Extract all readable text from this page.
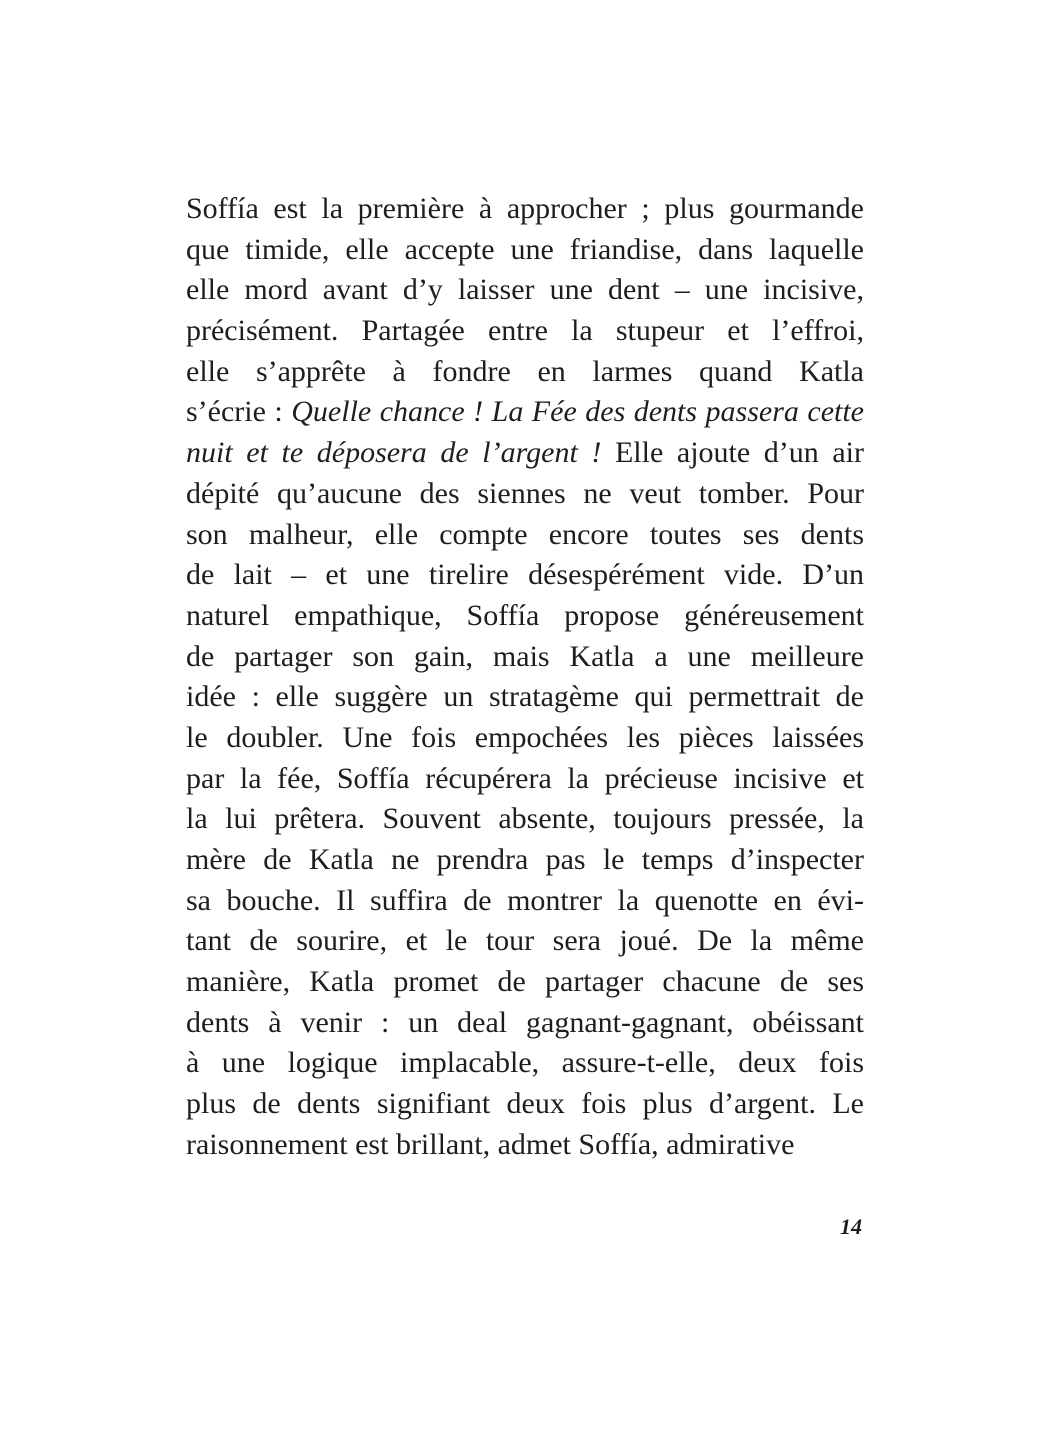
Soffía est la première à approcher ; plus gourmande
que timide, elle accepte une friandise, dans laquelle
elle mord avant d’y laisser une dent – une incisive,
précisément. Partagée entre la stupeur et l’effroi,
elle s’apprête à fondre en larmes quand Katla
s’écrie : Quelle chance ! La Fée des dents passera cette
nuit et te déposera de l’argent ! Elle ajoute d’un air
dépité qu’aucune des siennes ne veut tomber. Pour
son malheur, elle compte encore toutes ses dents
de lait – et une tirelire désespérément vide. D’un
naturel empathique, Soffía propose généreusement
de partager son gain, mais Katla a une meilleure
idée : elle suggère un stratagème qui permettrait de
le doubler. Une fois empochées les pièces laissées
par la fée, Soffía récupérera la précieuse incisive et
la lui prêtera. Souvent absente, toujours pressée, la
mère de Katla ne prendra pas le temps d’inspecter
sa bouche. Il suffira de montrer la quenotte en évi-
tant de sourire, et le tour sera joué. De la même
manière, Katla promet de partager chacune de ses
dents à venir : un deal gagnant-gagnant, obéissant
à une logique implacable, assure-t-elle, deux fois
plus de dents signifiant deux fois plus d’argent. Le
raisonnement est brillant, admet Soffía, admirative
14
